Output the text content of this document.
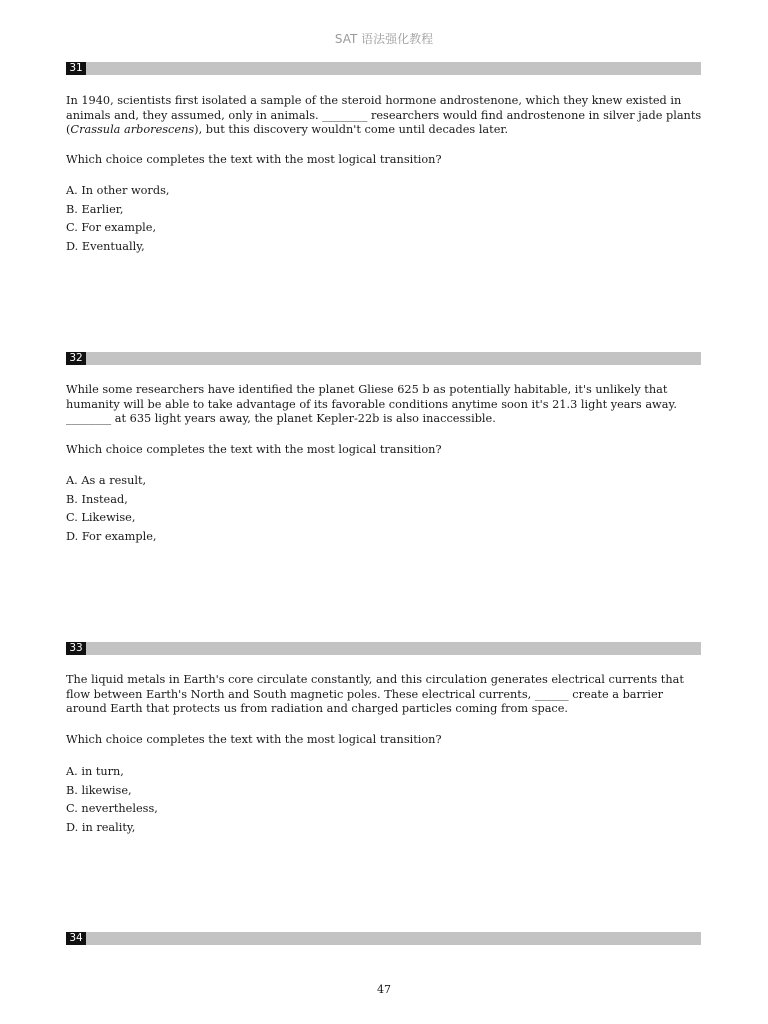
SAT 语法强化教程
31

In 1940, scientists first isolated a sample of the steroid hormone androstenone, which they knew existed in animals and, they assumed, only in animals. ________ researchers would find androstenone in silver jade plants (Crassula arborescens), but this discovery wouldn't come until decades later.

Which choice completes the text with the most logical transition?

A. In other words,
B. Earlier,
C. For example,
D. Eventually,
32

While some researchers have identified the planet Gliese 625 b as potentially habitable, it's unlikely that humanity will be able to take advantage of its favorable conditions anytime soon it's 21.3 light years away. ________ at 635 light years away, the planet Kepler-22b is also inaccessible.

Which choice completes the text with the most logical transition?

A. As a result,
B. Instead,
C. Likewise,
D. For example,
33

The liquid metals in Earth's core circulate constantly, and this circulation generates electrical currents that flow between Earth's North and South magnetic poles. These electrical currents, ______ create a barrier around Earth that protects us from radiation and charged particles coming from space.

Which choice completes the text with the most logical transition?

A. in turn,
B. likewise,
C. nevertheless,
D. in reality,
34
47
